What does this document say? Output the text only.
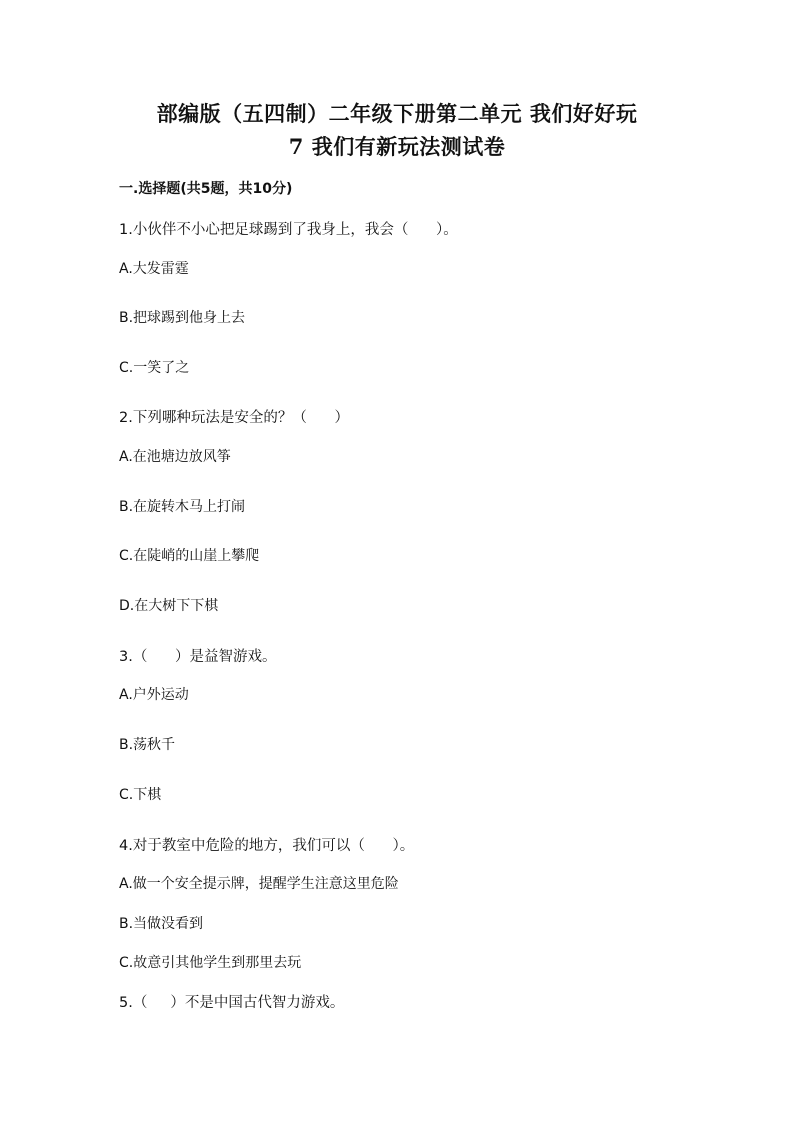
部编版（五四制）二年级下册第二单元 我们好好玩
7 我们有新玩法测试卷
一.选择题(共5题，共10分)
1.小伙伴不小心把足球踢到了我身上，我会（      ）。
A.大发雷霆
B.把球踢到他身上去
C.一笑了之
2.下列哪种玩法是安全的？（      ）
A.在池塘边放风筝
B.在旋转木马上打闹
C.在陡峭的山崖上攀爬
D.在大树下下棋
3.（      ）是益智游戏。
A.户外运动
B.荡秋千
C.下棋
4.对于教室中危险的地方，我们可以（      ）。
A.做一个安全提示牌，提醒学生注意这里危险
B.当做没看到
C.故意引其他学生到那里去玩
5.（     ）不是中国古代智力游戏。
